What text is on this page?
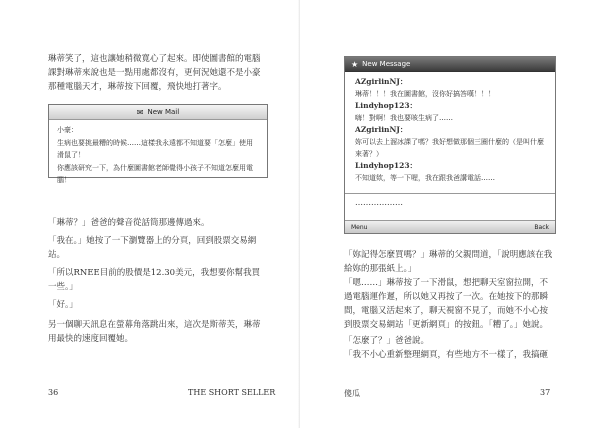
琳蒂笑了，這也讓她稍微寬心了起來。即使圖書館的電腦課對琳蒂來說也是一點用處都沒有，更何況她還不是小豪那種電腦天才，琳蒂按下回覆，飛快地打著字。

✉ New Mail

小豪：

生病也要挑最糟的時候……這樣我永遠都不知道要「怎麼」使用滑鼠了！

你應該研究一下，為什麼圖書館老師覺得小孩子不知道怎麼用電腦！

「琳蒂？」爸爸的聲音從話筒那邊傳過來。

「我在。」她按了一下瀏覽器上的分頁，回到股票交易網站。

「所以RNEE目前的股價是12.30美元，我想要你幫我買一些。」

「好。」

另一個聊天訊息在螢幕角落跳出來，這次是斯蒂芙，琳蒂用最快的速度回覆她。

36	THE SHORT SELLER
★ New Message

AZgirlinNJ：

琳蒂！！！我在圖書館，沒你好搞答嘆！！！

Lindyhop123：

嗨！對啊！我也要咳生病了……

AZgirlinNJ：

妳可以去上溜冰課了嗎？我好想做那個三圈什麼的（是叫什麼來著？）

Lindyhop123：

不知道欸，等一下喔，我在跟我爸講電話……

………………
Menu	Back

「妳記得怎麼買嗎？」琳蒂的父親問道，「說明應該在我給妳的那張紙上。」

「嗯……」琳蒂按了一下滑鼠，想把聊天室窗拉開，不過電腦運作遲，所以她又再按了一次。在她按下的那瞬間，電腦又活起來了，聊天視窗不見了，而她不小心按到股票交易網站「更新網頁」的按鈕。「糟了。」她說。

「怎麼了？」爸爸說。

「我不小心重新整理網頁，有些地方不一樣了，我搞砸

傻瓜	37
